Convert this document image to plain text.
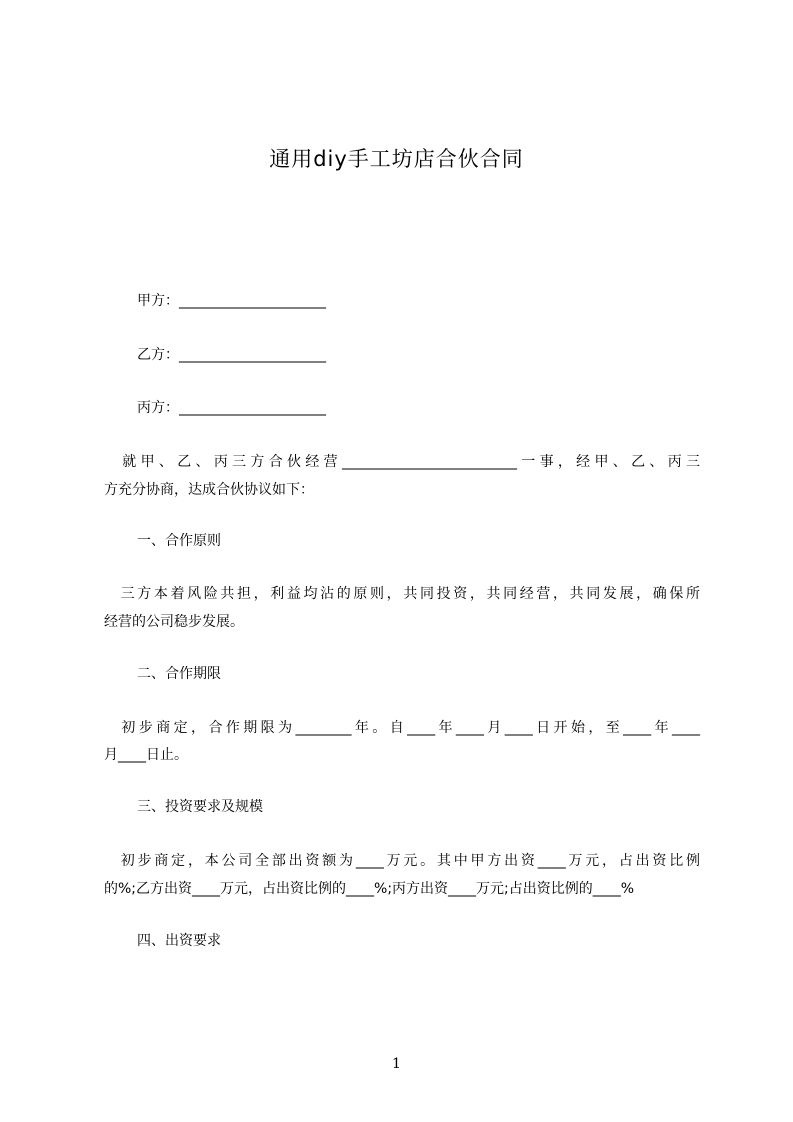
通用diy手工坊店合伙合同
甲方：_____________________
乙方：_____________________
丙方：_____________________
　就甲、乙、丙三方合伙经营_________________________一事，经甲、乙、丙三
方充分协商，达成合伙协议如下：
一、合作原则
　三方本着风险共担，利益均沾的原则，共同投资，共同经营，共同发展，确保所
经营的公司稳步发展。
二、合作期限
　初步商定，合作期限为________年。自____年____月____日开始，至____年____
月____日止。
三、投资要求及规模
　初步商定，本公司全部出资额为____万元。其中甲方出资____万元，占出资比例
的%;乙方出资____万元，占出资比例的____%;丙方出资____万元;占出资比例的____%
四、出资要求
1
